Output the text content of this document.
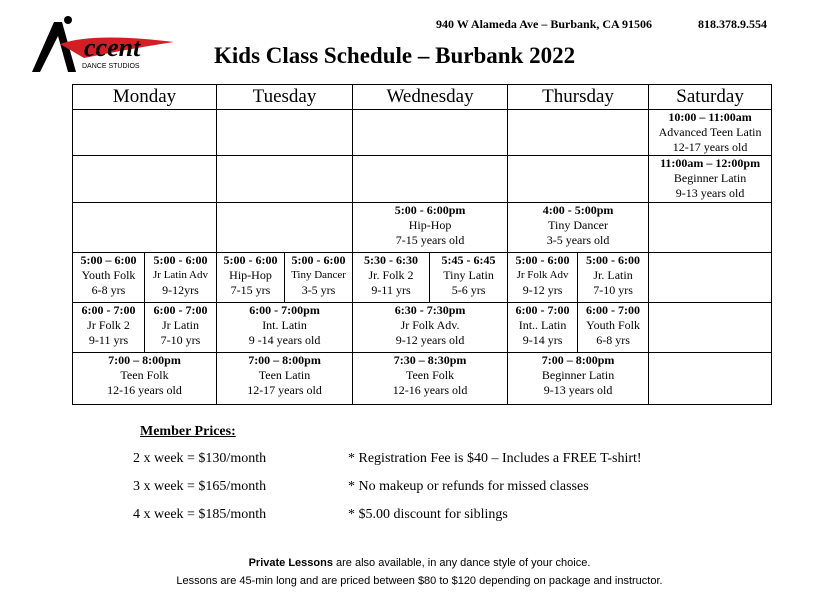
940 W Alameda Ave – Burbank, CA 91506	818.378.9.554
ccent
DANCE STUDIOS	Kids Class Schedule – Burbank 2022
Monday		Tuesday		Wednesday		Thursday		Saturday

								10:00 – 11:00am
Advanced Teen Latin
12-17 years old

								11:00am – 12:00pm
Beginner Latin
9-13 years old

				5:00 - 6:00pm
Hip-Hop
7-15 years old		4:00 - 5:00pm
Tiny Dancer
3-5 years old		

5:00 – 6:00
Youth Folk
6-8 yrs	5:00 - 6:00
Jr Latin Adv
9-12yrs	5:00 - 6:00
Hip-Hop
7-15 yrs	5:00 - 6:00
Tiny Dancer
3-5 yrs	5:30 - 6:30
Jr. Folk 2
9-11 yrs	5:45 - 6:45
Tiny Latin
5-6 yrs	5:00 - 6:00
Jr Folk Adv
9-12 yrs	5:00 - 6:00
Jr. Latin
7-10 yrs	

6:00 - 7:00
Jr Folk 2
9-11 yrs	6:00 - 7:00
Jr Latin
7-10 yrs	6:00 - 7:00pm
Int. Latin
9 -14 years old		6:30 - 7:30pm
Jr Folk Adv.
9-12 years old		6:00 - 7:00
Int.. Latin
9-14 yrs	6:00 - 7:00
Youth Folk
6-8 yrs	

7:00 – 8:00pm
Teen Folk
12-16 years old		7:00 – 8:00pm
Teen Latin
12-17 years old		7:30 – 8:30pm
Teen Folk
12-16 years old		7:00 – 8:00pm
Beginner Latin
9-13 years old		

Member Prices:
2 x week = $130/month
3 x week = $165/month
4 x week = $185/month
* Registration Fee is $40 – Includes a FREE T-shirt!
* No makeup or refunds for missed classes
* $5.00 discount for siblings
Private Lessons are also available, in any dance style of your choice.
Lessons are 45-min long and are priced between $80 to $120 depending on package and instructor.
